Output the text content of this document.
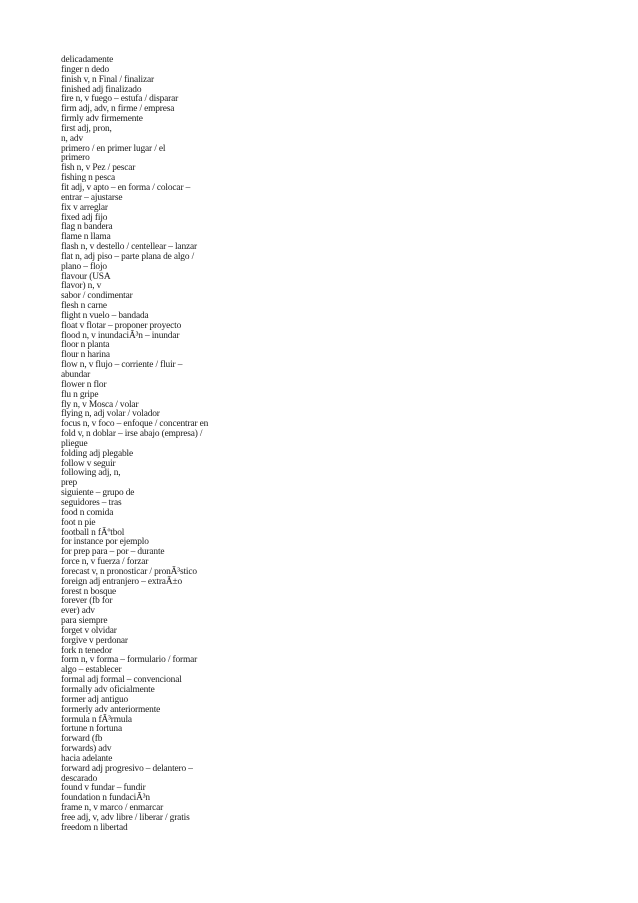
delicadamente
finger n dedo
finish v, n Final / finalizar
finished adj finalizado
fire n, v fuego – estufa / disparar
firm adj, adv, n firme / empresa
firmly adv firmemente
first adj, pron,
n, adv
primero / en primer lugar / el
primero
fish n, v Pez / pescar
fishing n pesca
fit adj, v apto – en forma / colocar –
entrar – ajustarse
fix v arreglar
fixed adj fijo
flag n bandera
flame n llama
flash n, v destello / centellear – lanzar
flat n, adj piso – parte plana de algo /
plano – flojo
flavour (USA
flavor) n, v
sabor / condimentar
flesh n carne
flight n vuelo – bandada
float v flotar – proponer proyecto
flood n, v inundaciÃ³n – inundar
floor n planta
flour n harina
flow n, v flujo – corriente / fluir –
abundar
flower n flor
flu n gripe
fly n, v Mosca / volar
flying n, adj volar / volador
focus n, v foco – enfoque / concentrar en
fold v, n doblar – irse abajo (empresa) /
pliegue
folding adj plegable
follow v seguir
following adj, n,
prep
siguiente – grupo de
seguidores – tras
food n comida
foot n pie
football n fÃºtbol
for instance por ejemplo
for prep para – por – durante
force n, v fuerza / forzar
forecast v, n pronosticar / pronÃ³stico
foreign adj entranjero – extraÃ±o
forest n bosque
forever (fb for
ever) adv
para siempre
forget v olvidar
forgive v perdonar
fork n tenedor
form n, v forma – formulario / formar
algo – establecer
formal adj formal – convencional
formally adv oficialmente
former adj antiguo
formerly adv anteriormente
formula n fÃ³rmula
fortune n fortuna
forward (fb
forwards) adv
hacia adelante
forward adj progresivo – delantero –
descarado
found v fundar – fundir
foundation n fundaciÃ³n
frame n, v marco / enmarcar
free adj, v, adv libre / liberar / gratis
freedom n libertad
